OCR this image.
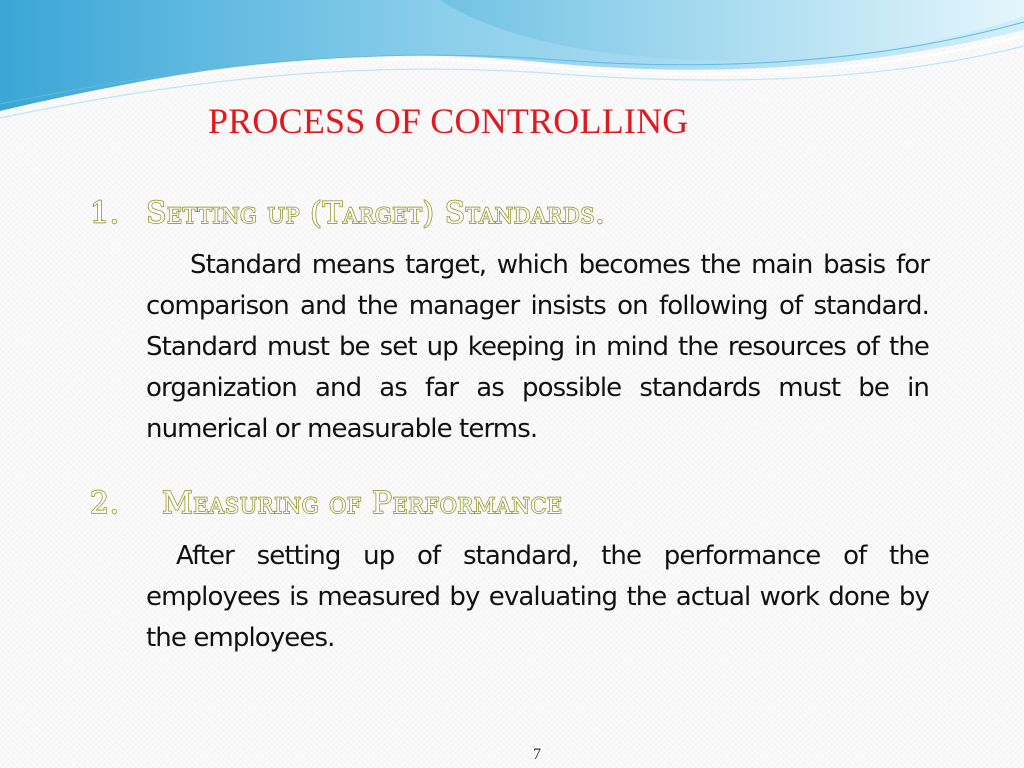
PROCESS OF CONTROLLING
1. Setting up (Target) Standards.

Standard means target, which becomes the main basis for comparison and the manager insists on following of standard. Standard must be set up keeping in mind the resources of the organization and as far as possible standards must be in numerical or measurable terms.

2. Measuring of Performance

After setting up of standard, the performance of the employees is measured by evaluating the actual work done by the employees.

7
